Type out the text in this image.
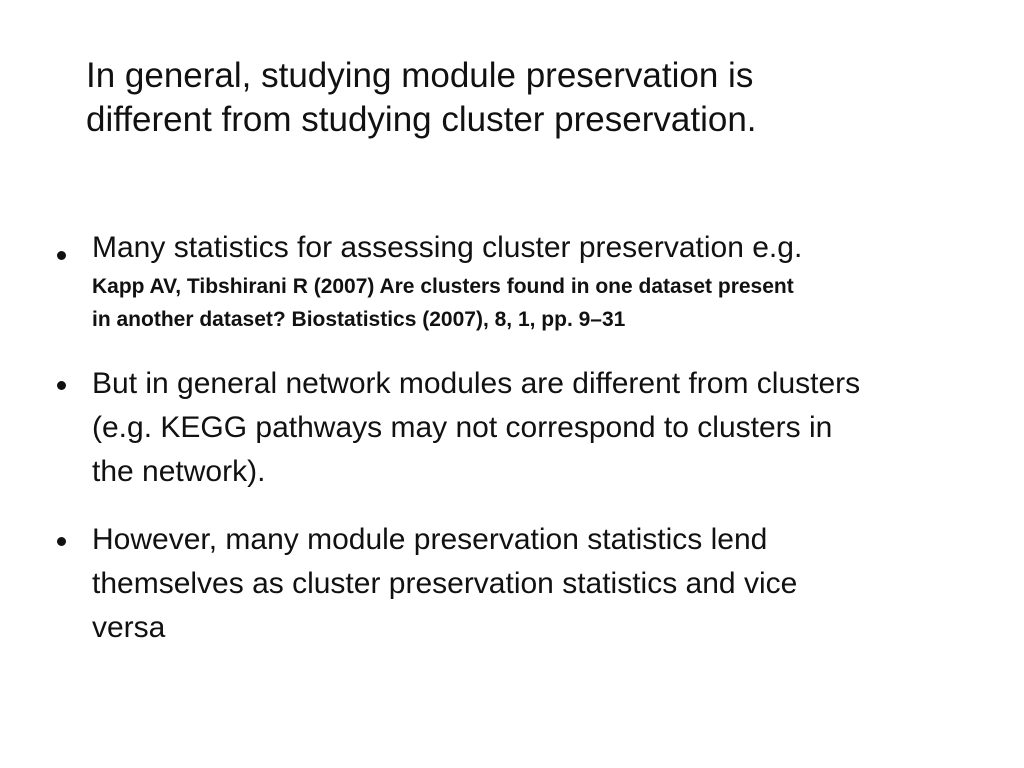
In general, studying module preservation is
different from studying cluster preservation.
Many statistics for assessing cluster preservation e.g.
Kapp AV, Tibshirani R (2007) Are clusters found in one dataset present
in another dataset? Biostatistics (2007), 8, 1, pp. 9–31
But in general network modules are different from clusters
(e.g. KEGG pathways may not correspond to clusters in
the network).
However, many module preservation statistics lend
themselves as cluster preservation statistics and vice
versa
